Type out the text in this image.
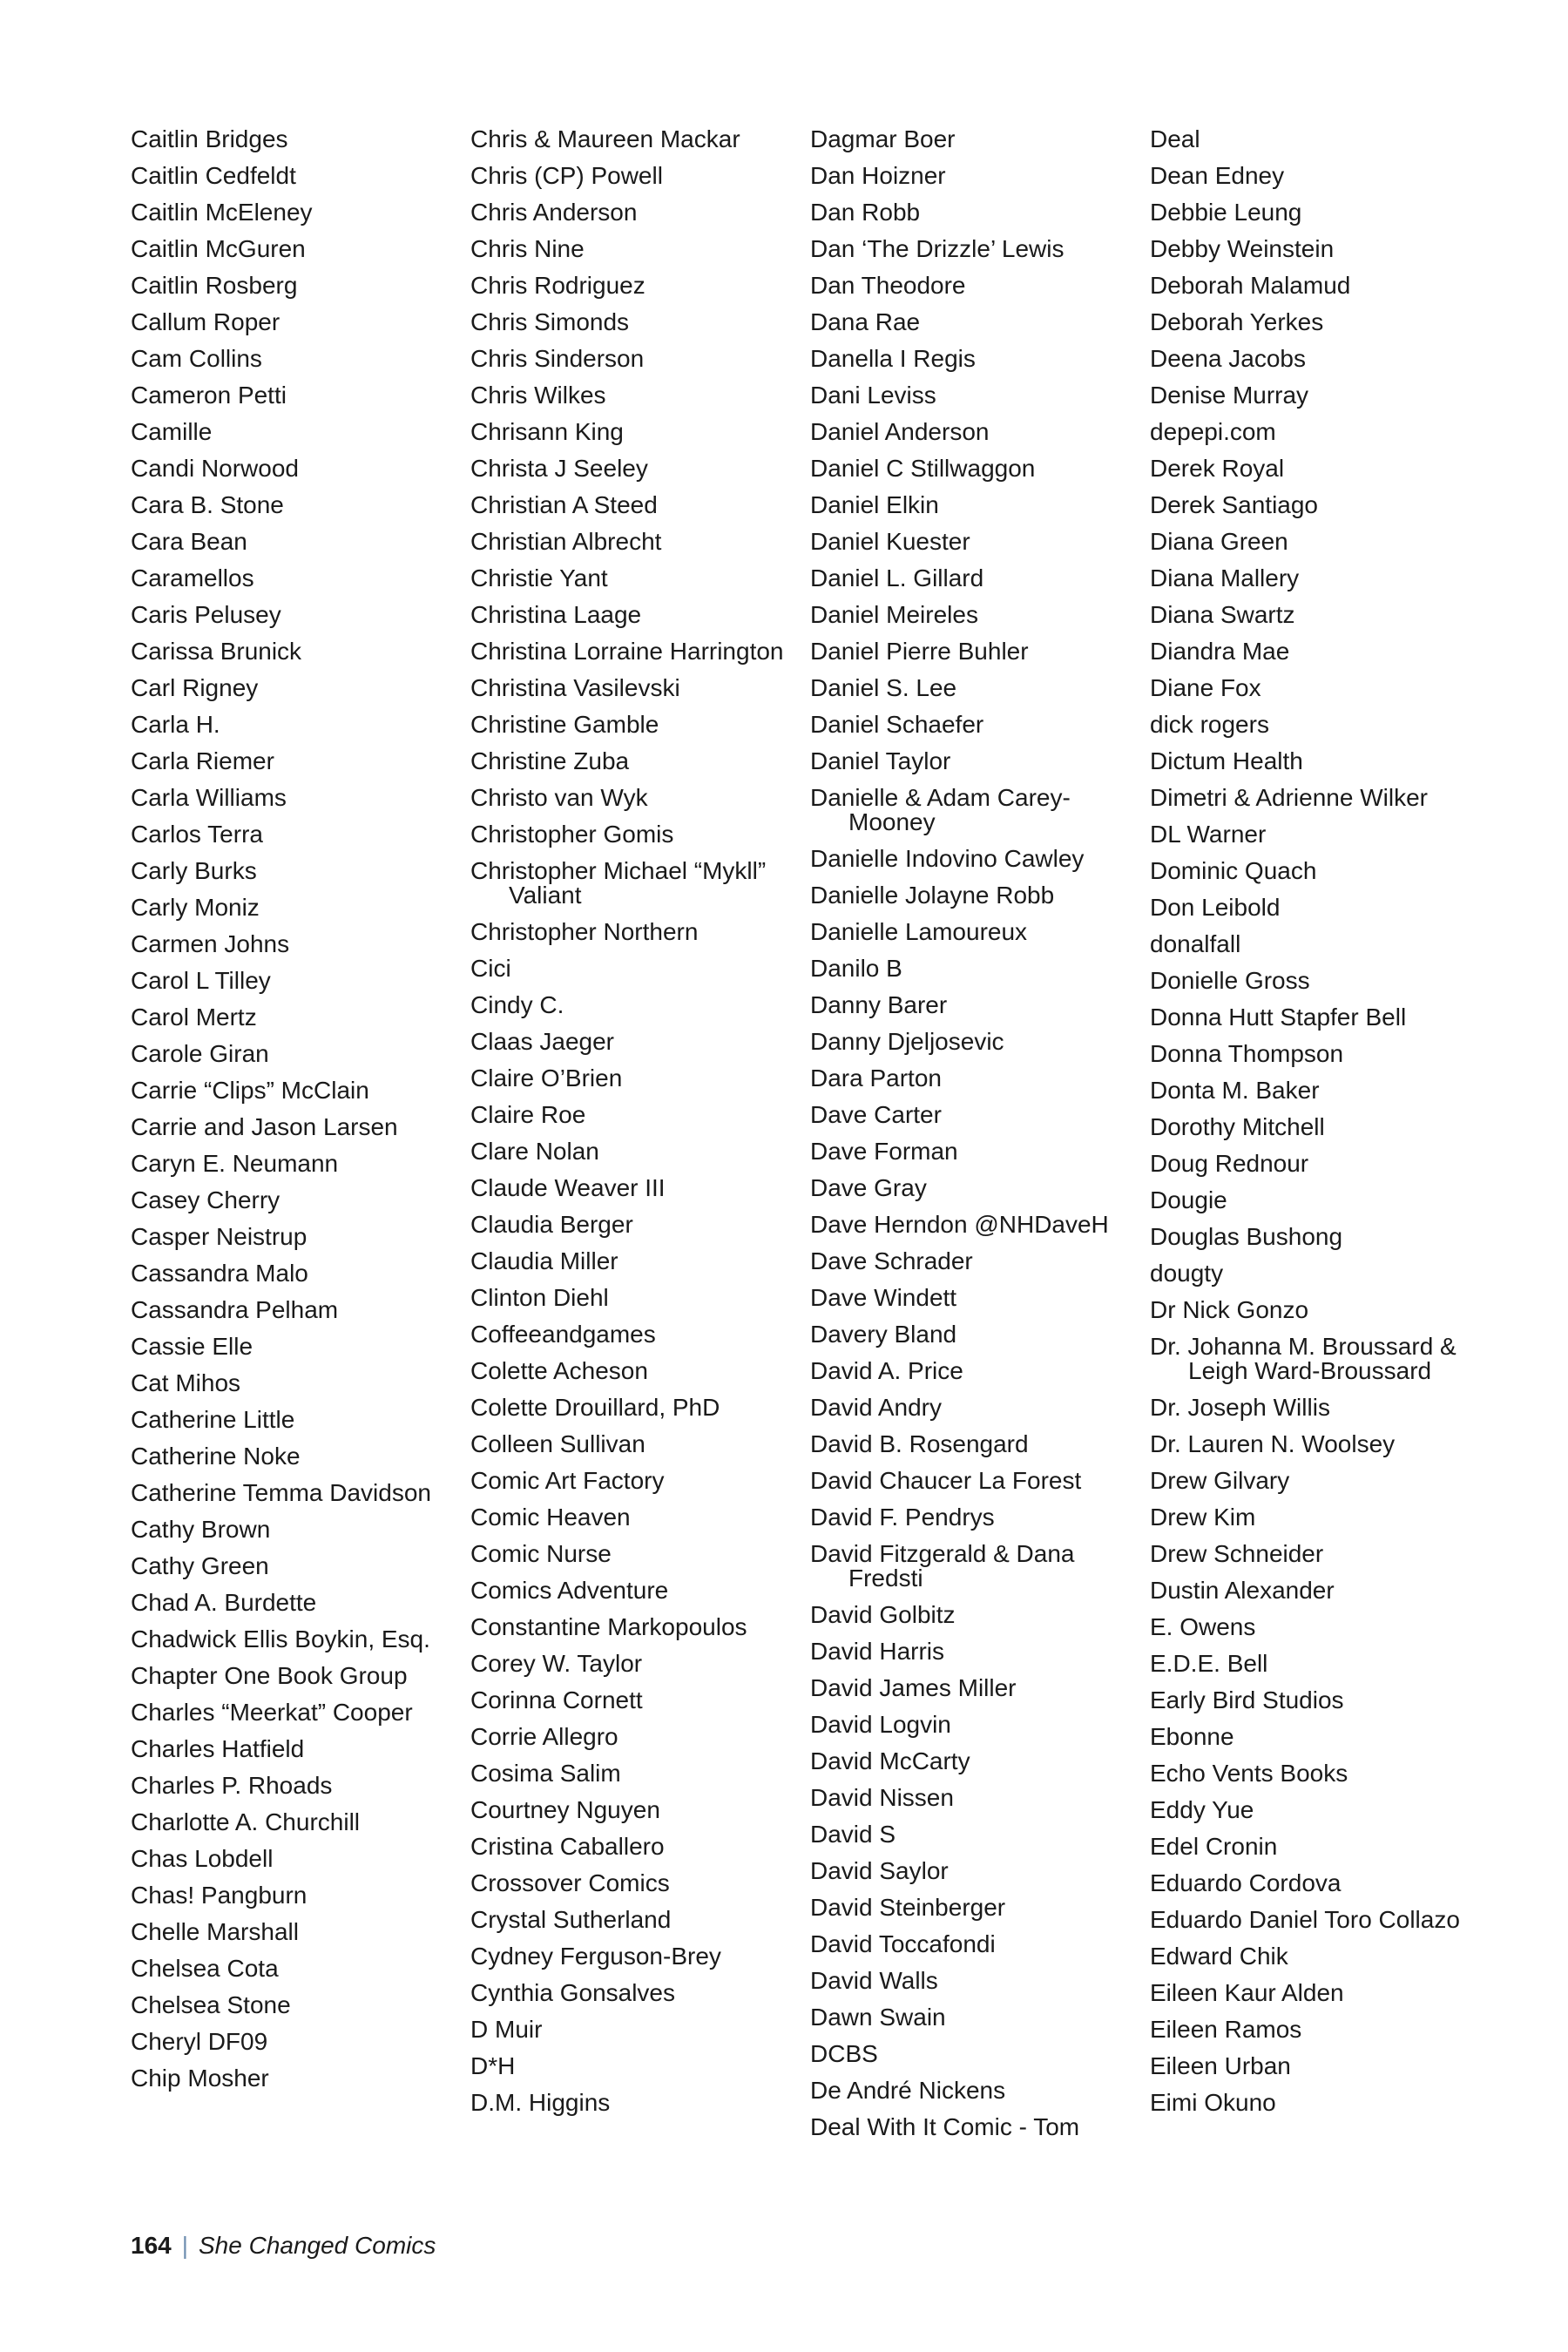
Caitlin Bridges
Caitlin Cedfeldt
Caitlin McEleney
Caitlin McGuren
Caitlin Rosberg
Callum Roper
Cam Collins
Cameron Petti
Camille
Candi Norwood
Cara B. Stone
Cara Bean
Caramellos
Caris Pelusey
Carissa Brunick
Carl Rigney
Carla H.
Carla Riemer
Carla Williams
Carlos Terra
Carly Burks
Carly Moniz
Carmen Johns
Carol L Tilley
Carol Mertz
Carole Giran
Carrie “Clips” McClain
Carrie and Jason Larsen
Caryn E. Neumann
Casey Cherry
Casper Neistrup
Cassandra Malo
Cassandra Pelham
Cassie Elle
Cat Mihos
Catherine Little
Catherine Noke
Catherine Temma Davidson
Cathy Brown
Cathy Green
Chad A. Burdette
Chadwick Ellis Boykin, Esq.
Chapter One Book Group
Charles “Meerkat” Cooper
Charles Hatfield
Charles P. Rhoads
Charlotte A. Churchill
Chas Lobdell
Chas! Pangburn
Chelle Marshall
Chelsea Cota
Chelsea Stone
Cheryl DF09
Chip Mosher
Chris & Maureen Mackar
Chris (CP) Powell
Chris Anderson
Chris Nine
Chris Rodriguez
Chris Simonds
Chris Sinderson
Chris Wilkes
Chrisann King
Christa J Seeley
Christian A Steed
Christian Albrecht
Christie Yant
Christina Laage
Christina Lorraine Harrington
Christina Vasilevski
Christine Gamble
Christine Zuba
Christo van Wyk
Christopher Gomis
Christopher Michael “Mykll” Valiant
Christopher Northern
Cici
Cindy C.
Claas Jaeger
Claire O’Brien
Claire Roe
Clare Nolan
Claude Weaver III
Claudia Berger
Claudia Miller
Clinton Diehl
Coffeeandgames
Colette Acheson
Colette Drouillard, PhD
Colleen Sullivan
Comic Art Factory
Comic Heaven
Comic Nurse
Comics Adventure
Constantine Markopoulos
Corey W. Taylor
Corinna Cornett
Corrie Allegro
Cosima Salim
Courtney Nguyen
Cristina Caballero
Crossover Comics
Crystal Sutherland
Cydney Ferguson-Brey
Cynthia Gonsalves
D Muir
D*H
D.M. Higgins
Dagmar Boer
Dan Hoizner
Dan Robb
Dan ‘The Drizzle’ Lewis
Dan Theodore
Dana Rae
Danella I Regis
Dani Leviss
Daniel Anderson
Daniel C Stillwaggon
Daniel Elkin
Daniel Kuester
Daniel L. Gillard
Daniel Meireles
Daniel Pierre Buhler
Daniel S. Lee
Daniel Schaefer
Daniel Taylor
Danielle & Adam Carey-Mooney
Danielle Indovino Cawley
Danielle Jolayne Robb
Danielle Lamoureux
Danilo B
Danny Barer
Danny Djeljosevic
Dara Parton
Dave Carter
Dave Forman
Dave Gray
Dave Herndon @NHDaveH
Dave Schrader
Dave Windett
Davery Bland
David A. Price
David Andry
David B. Rosengard
David Chaucer La Forest
David F. Pendrys
David Fitzgerald & Dana Fredsti
David Golbitz
David Harris
David James Miller
David Logvin
David McCarty
David Nissen
David S
David Saylor
David Steinberger
David Toccafondi
David Walls
Dawn Swain
DCBS
De André Nickens
Deal With It Comic - Tom
Deal
Dean Edney
Debbie Leung
Debby Weinstein
Deborah Malamud
Deborah Yerkes
Deena Jacobs
Denise Murray
depepi.com
Derek Royal
Derek Santiago
Diana Green
Diana Mallery
Diana Swartz
Diandra Mae
Diane Fox
dick rogers
Dictum Health
Dimetri & Adrienne Wilker
DL Warner
Dominic Quach
Don Leibold
donalfall
Donielle Gross
Donna Hutt Stapfer Bell
Donna Thompson
Donta M. Baker
Dorothy Mitchell
Doug Rednour
Dougie
Douglas Bushong
dougty
Dr Nick Gonzo
Dr. Johanna M. Broussard & Leigh Ward-Broussard
Dr. Joseph Willis
Dr. Lauren N. Woolsey
Drew Gilvary
Drew Kim
Drew Schneider
Dustin Alexander
E. Owens
E.D.E. Bell
Early Bird Studios
Ebonne
Echo Vents Books
Eddy Yue
Edel Cronin
Eduardo Cordova
Eduardo Daniel Toro Collazo
Edward Chik
Eileen Kaur Alden
Eileen Ramos
Eileen Urban
Eimi Okuno
164 | She Changed Comics
